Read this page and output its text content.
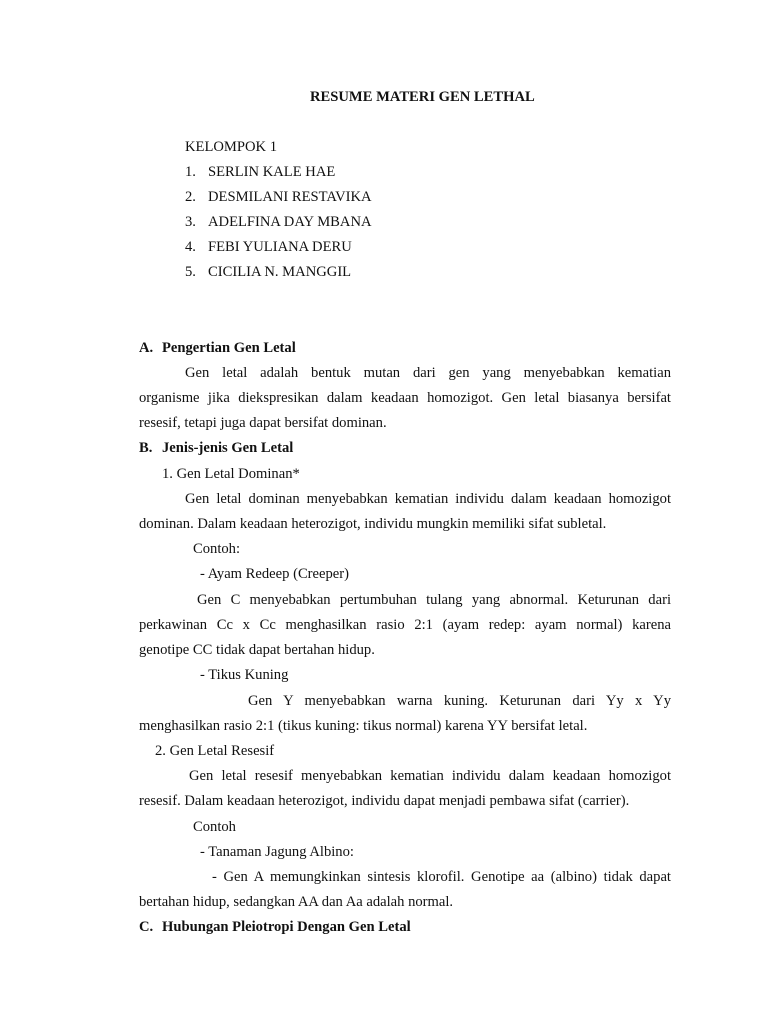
RESUME MATERI GEN LETHAL
KELOMPOK 1
1. SERLIN KALE HAE
2. DESMILANI RESTAVIKA
3. ADELFINA DAY MBANA
4. FEBI YULIANA DERU
5. CICILIA N. MANGGIL
A. Pengertian Gen Letal
Gen letal adalah bentuk mutan dari gen yang menyebabkan kematian
organisme jika diekspresikan dalam keadaan homozigot. Gen letal biasanya bersifat
resesif, tetapi juga dapat bersifat dominan.
B. Jenis-jenis Gen Letal
1. Gen Letal Dominan*
Gen letal dominan menyebabkan kematian individu dalam keadaan homozigot
dominan. Dalam keadaan heterozigot, individu mungkin memiliki sifat subletal.
Contoh:
- Ayam Redeep (Creeper)
Gen C menyebabkan pertumbuhan tulang yang abnormal. Keturunan dari
perkawinan Cc x Cc menghasilkan rasio 2:1 (ayam redep: ayam normal) karena
genotipe CC tidak dapat bertahan hidup.
- Tikus Kuning
Gen Y menyebabkan warna kuning. Keturunan dari Yy x Yy
menghasilkan rasio 2:1 (tikus kuning: tikus normal) karena YY bersifat letal.
2. Gen Letal Resesif
Gen letal resesif menyebabkan kematian individu dalam keadaan homozigot
resesif. Dalam keadaan heterozigot, individu dapat menjadi pembawa sifat (carrier).
Contoh
- Tanaman Jagung Albino:
- Gen A memungkinkan sintesis klorofil. Genotipe aa (albino) tidak dapat
bertahan hidup, sedangkan AA dan Aa adalah normal.
C. Hubungan Pleiotropi Dengan Gen Letal
